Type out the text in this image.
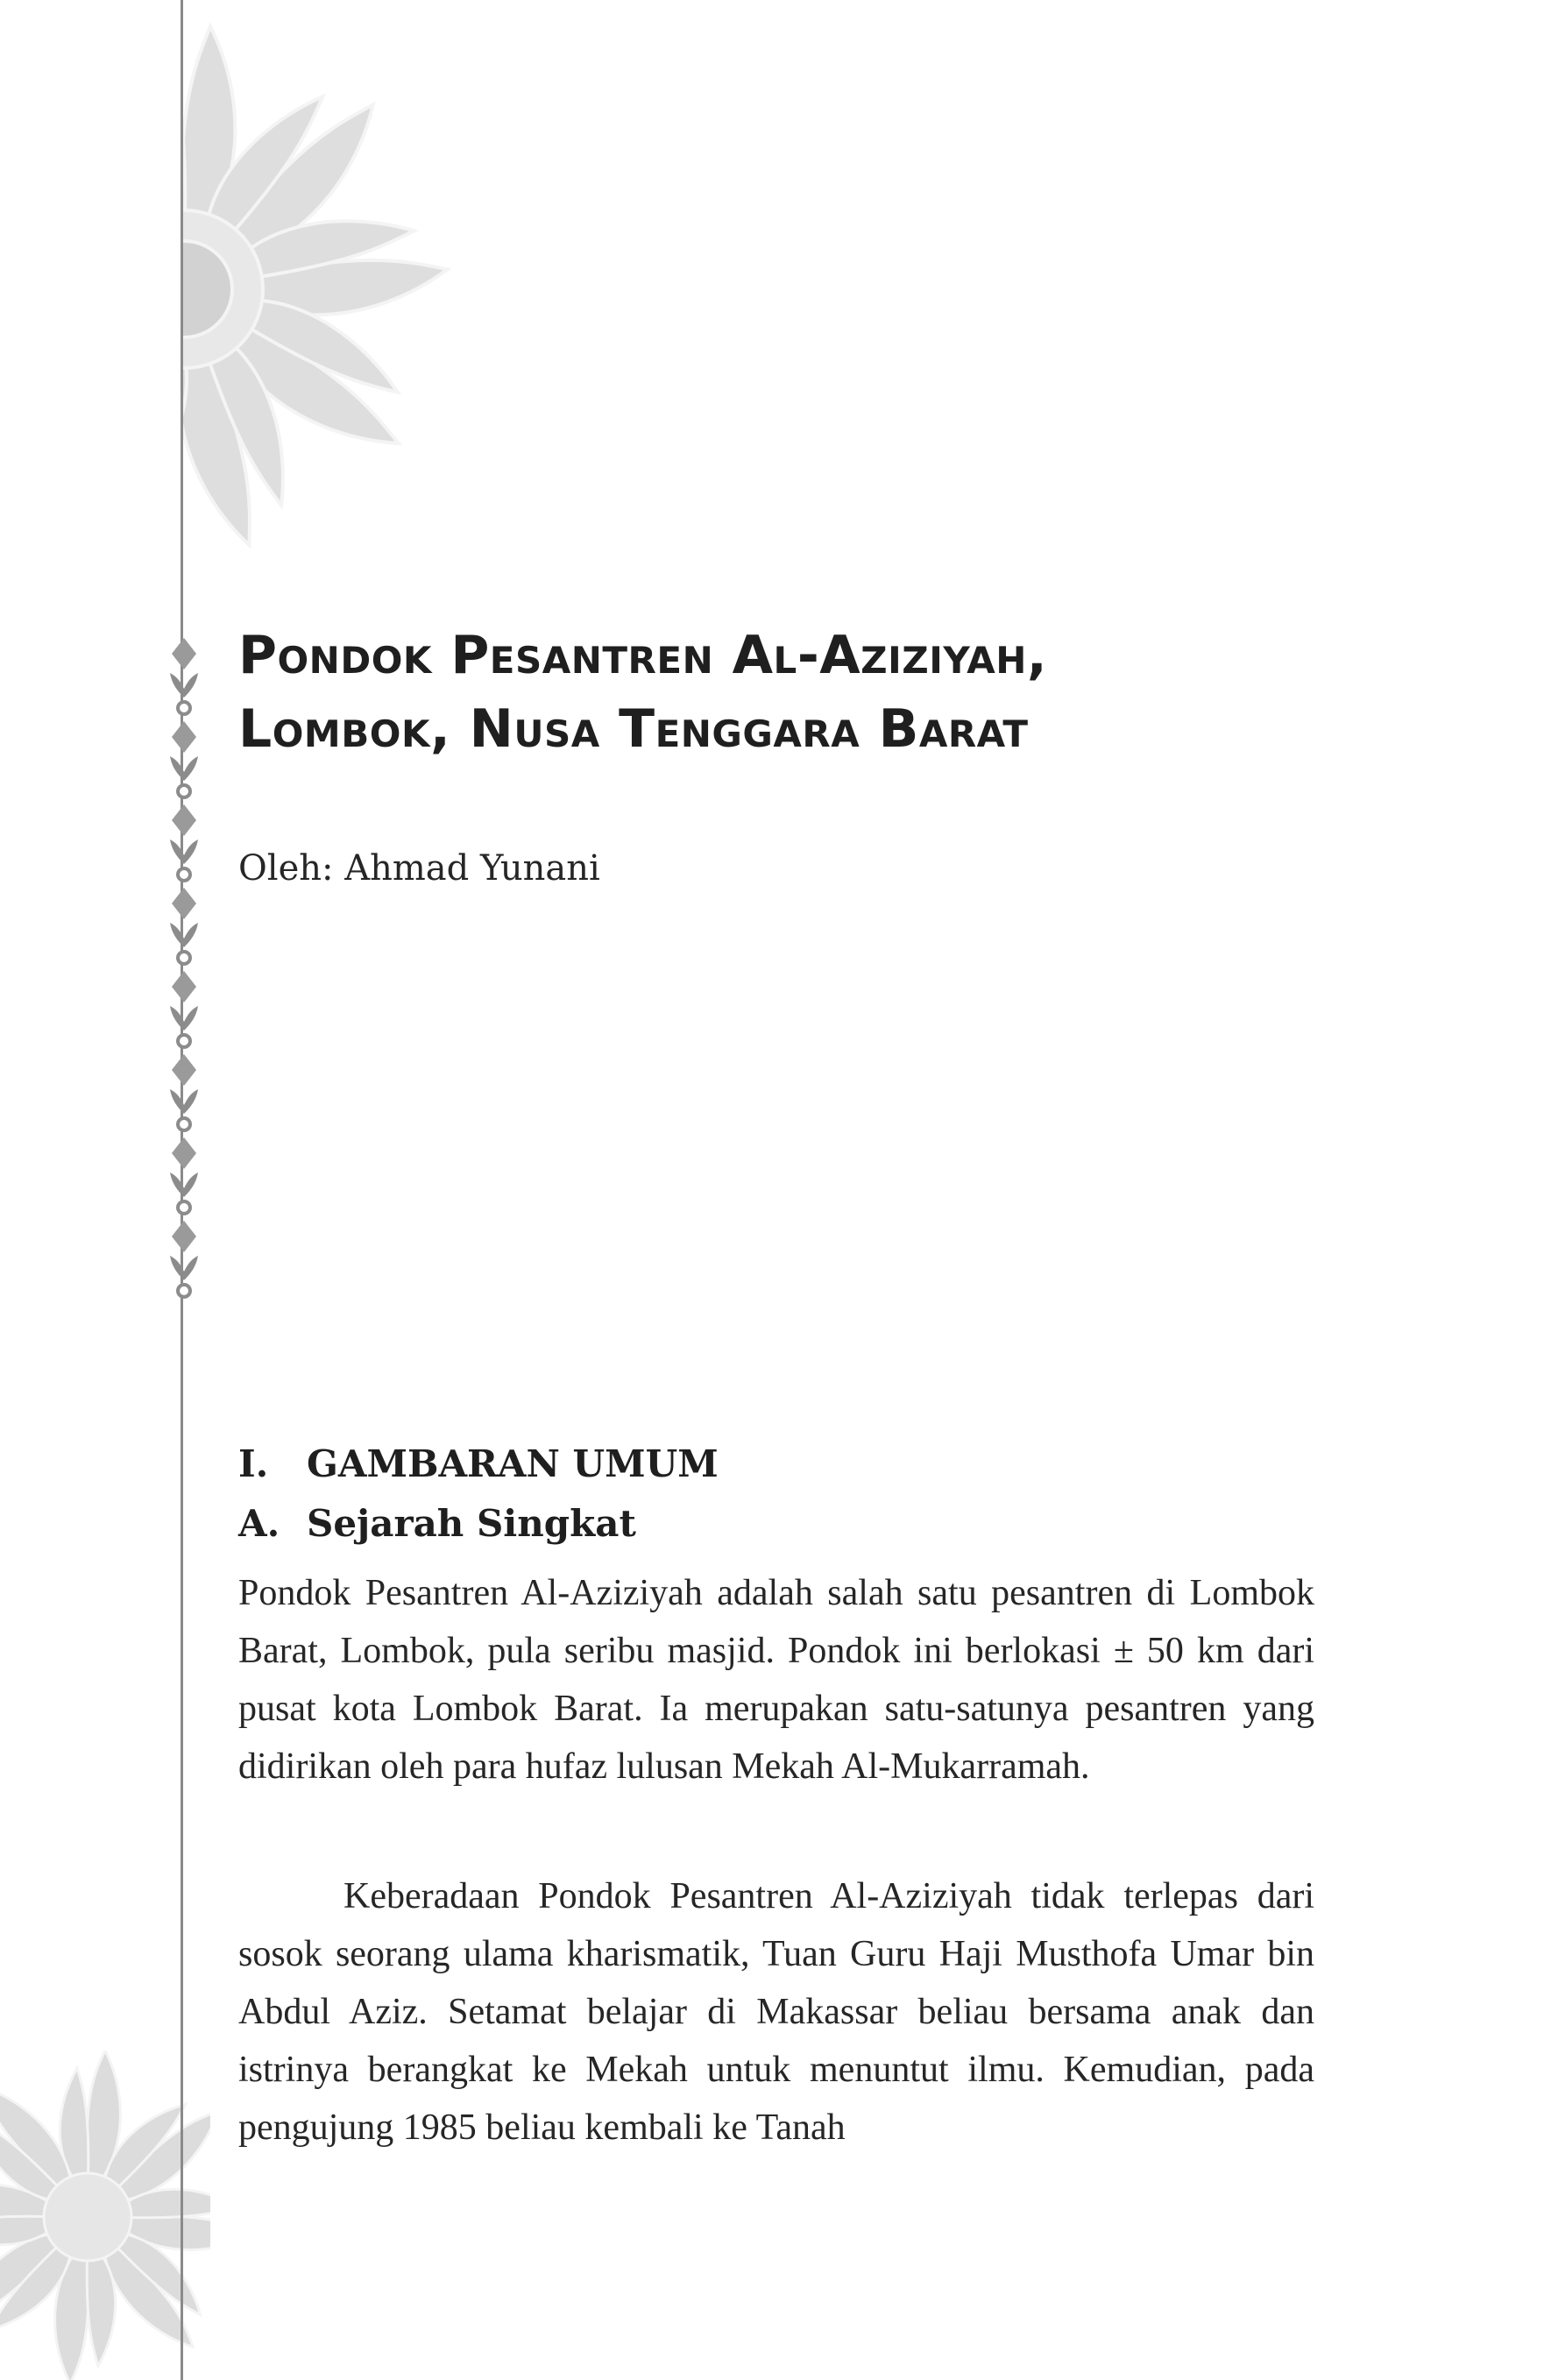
Pondok Pesantren Al-Aziziyah,
Lombok, Nusa Tenggara Barat

Oleh: Ahmad Yunani

I. GAMBARAN UMUM
A. Sejarah Singkat

Pondok Pesantren Al-Aziziyah adalah salah satu pesantren di Lombok Barat, Lombok, pula seribu masjid. Pondok ini berlokasi ± 50 km dari pusat kota Lombok Barat. Ia merupakan satu-satunya pesantren yang didirikan oleh para hufaz lulusan Mekah Al-Mukarramah.

Keberadaan Pondok Pesantren Al-Aziziyah tidak terlepas dari sosok seorang ulama kharismatik, Tuan Guru Haji Musthofa Umar bin Abdul Aziz. Setamat belajar di Makassar beliau bersama anak dan istrinya berangkat ke Mekah untuk menuntut ilmu. Kemudian, pada pengujung 1985 beliau kembali ke Tanah
